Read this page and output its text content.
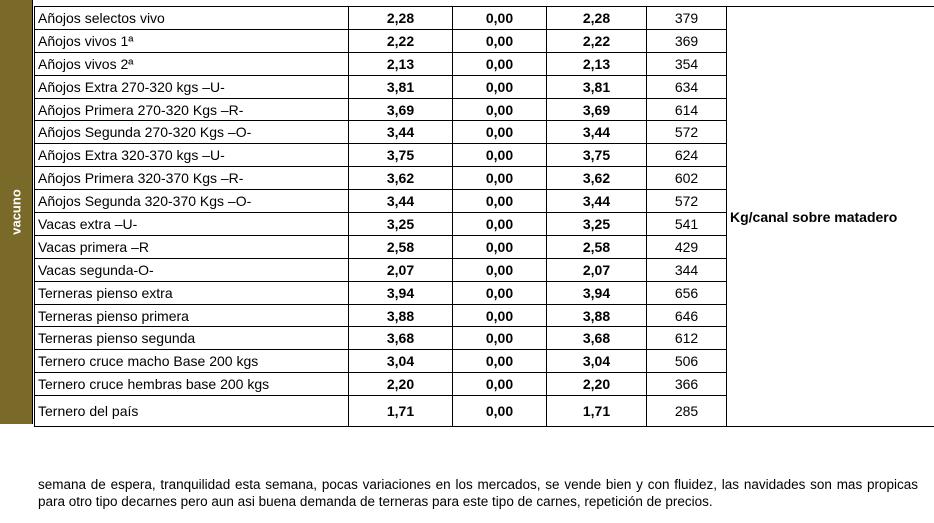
vacuno
Añojos selectos vivo	2,28	0,00	2,28	379	Kg/canal sobre matadero
Añojos vivos 1ª	2,22	0,00	2,22	369	
Añojos vivos 2ª	2,13	0,00	2,13	354	
Añojos Extra 270-320 kgs –U-	3,81	0,00	3,81	634	
Añojos Primera 270-320 Kgs –R-	3,69	0,00	3,69	614	
Añojos Segunda 270-320 Kgs –O-	3,44	0,00	3,44	572	
Añojos Extra 320-370 kgs –U-	3,75	0,00	3,75	624	
Añojos Primera 320-370 Kgs –R-	3,62	0,00	3,62	602	
Añojos Segunda 320-370 Kgs –O-	3,44	0,00	3,44	572	
Vacas extra –U-	3,25	0,00	3,25	541	
Vacas primera –R	2,58	0,00	2,58	429	
Vacas segunda-O-	2,07	0,00	2,07	344	
Terneras pienso extra	3,94	0,00	3,94	656	
Terneras pienso primera	3,88	0,00	3,88	646	
Terneras pienso segunda	3,68	0,00	3,68	612	
Ternero cruce macho Base 200 kgs	3,04	0,00	3,04	506	
Ternero cruce hembras base 200 kgs	2,20	0,00	2,20	366	
Ternero del país	1,71	0,00	1,71	285	

semana de espera, tranquilidad esta semana, pocas variaciones en los mercados, se vende bien y con fluidez, las navidades son mas propicas para otro tipo decarnes pero aun asi buena demanda de terneras para este tipo de carnes, repetición de precios.
